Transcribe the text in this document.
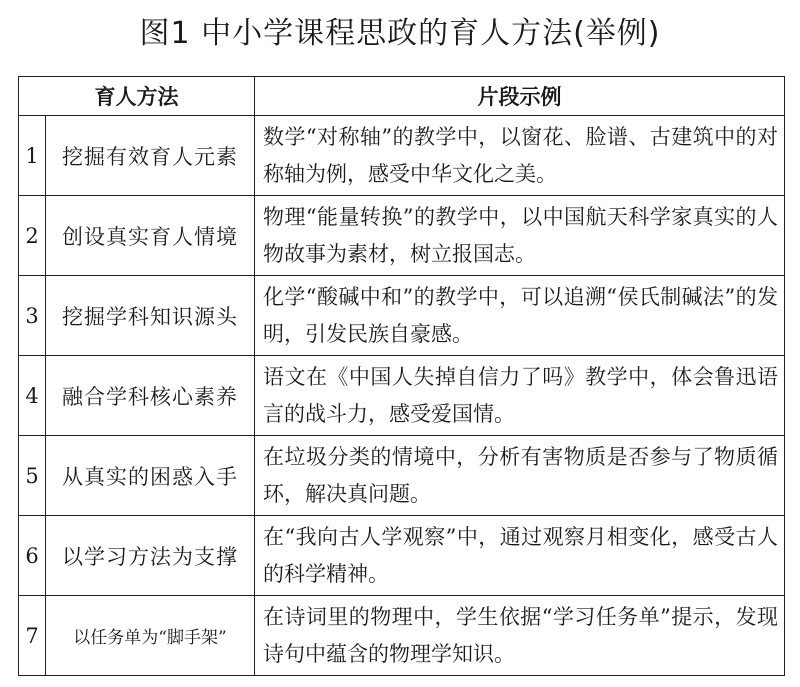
图1 中小学课程思政的育人方法(举例)
育人方法		片段示例
1	挖掘有效育人元素	数学“对称轴”的教学中，以窗花、脸谱、古建筑中的对称轴为例，感受中华文化之美。
2	创设真实育人情境	物理“能量转换”的教学中，以中国航天科学家真实的人物故事为素材，树立报国志。
3	挖掘学科知识源头	化学“酸碱中和”的教学中，可以追溯“侯氏制碱法”的发明，引发民族自豪感。
4	融合学科核心素养	语文在《中国人失掉自信力了吗》教学中，体会鲁迅语言的战斗力，感受爱国情。
5	从真实的困惑入手	在垃圾分类的情境中，分析有害物质是否参与了物质循环，解决真问题。
6	以学习方法为支撑	在“我向古人学观察”中，通过观察月相变化，感受古人的科学精神。
7	以任务单为“脚手架”	在诗词里的物理中，学生依据“学习任务单”提示，发现诗句中蕴含的物理学知识。
